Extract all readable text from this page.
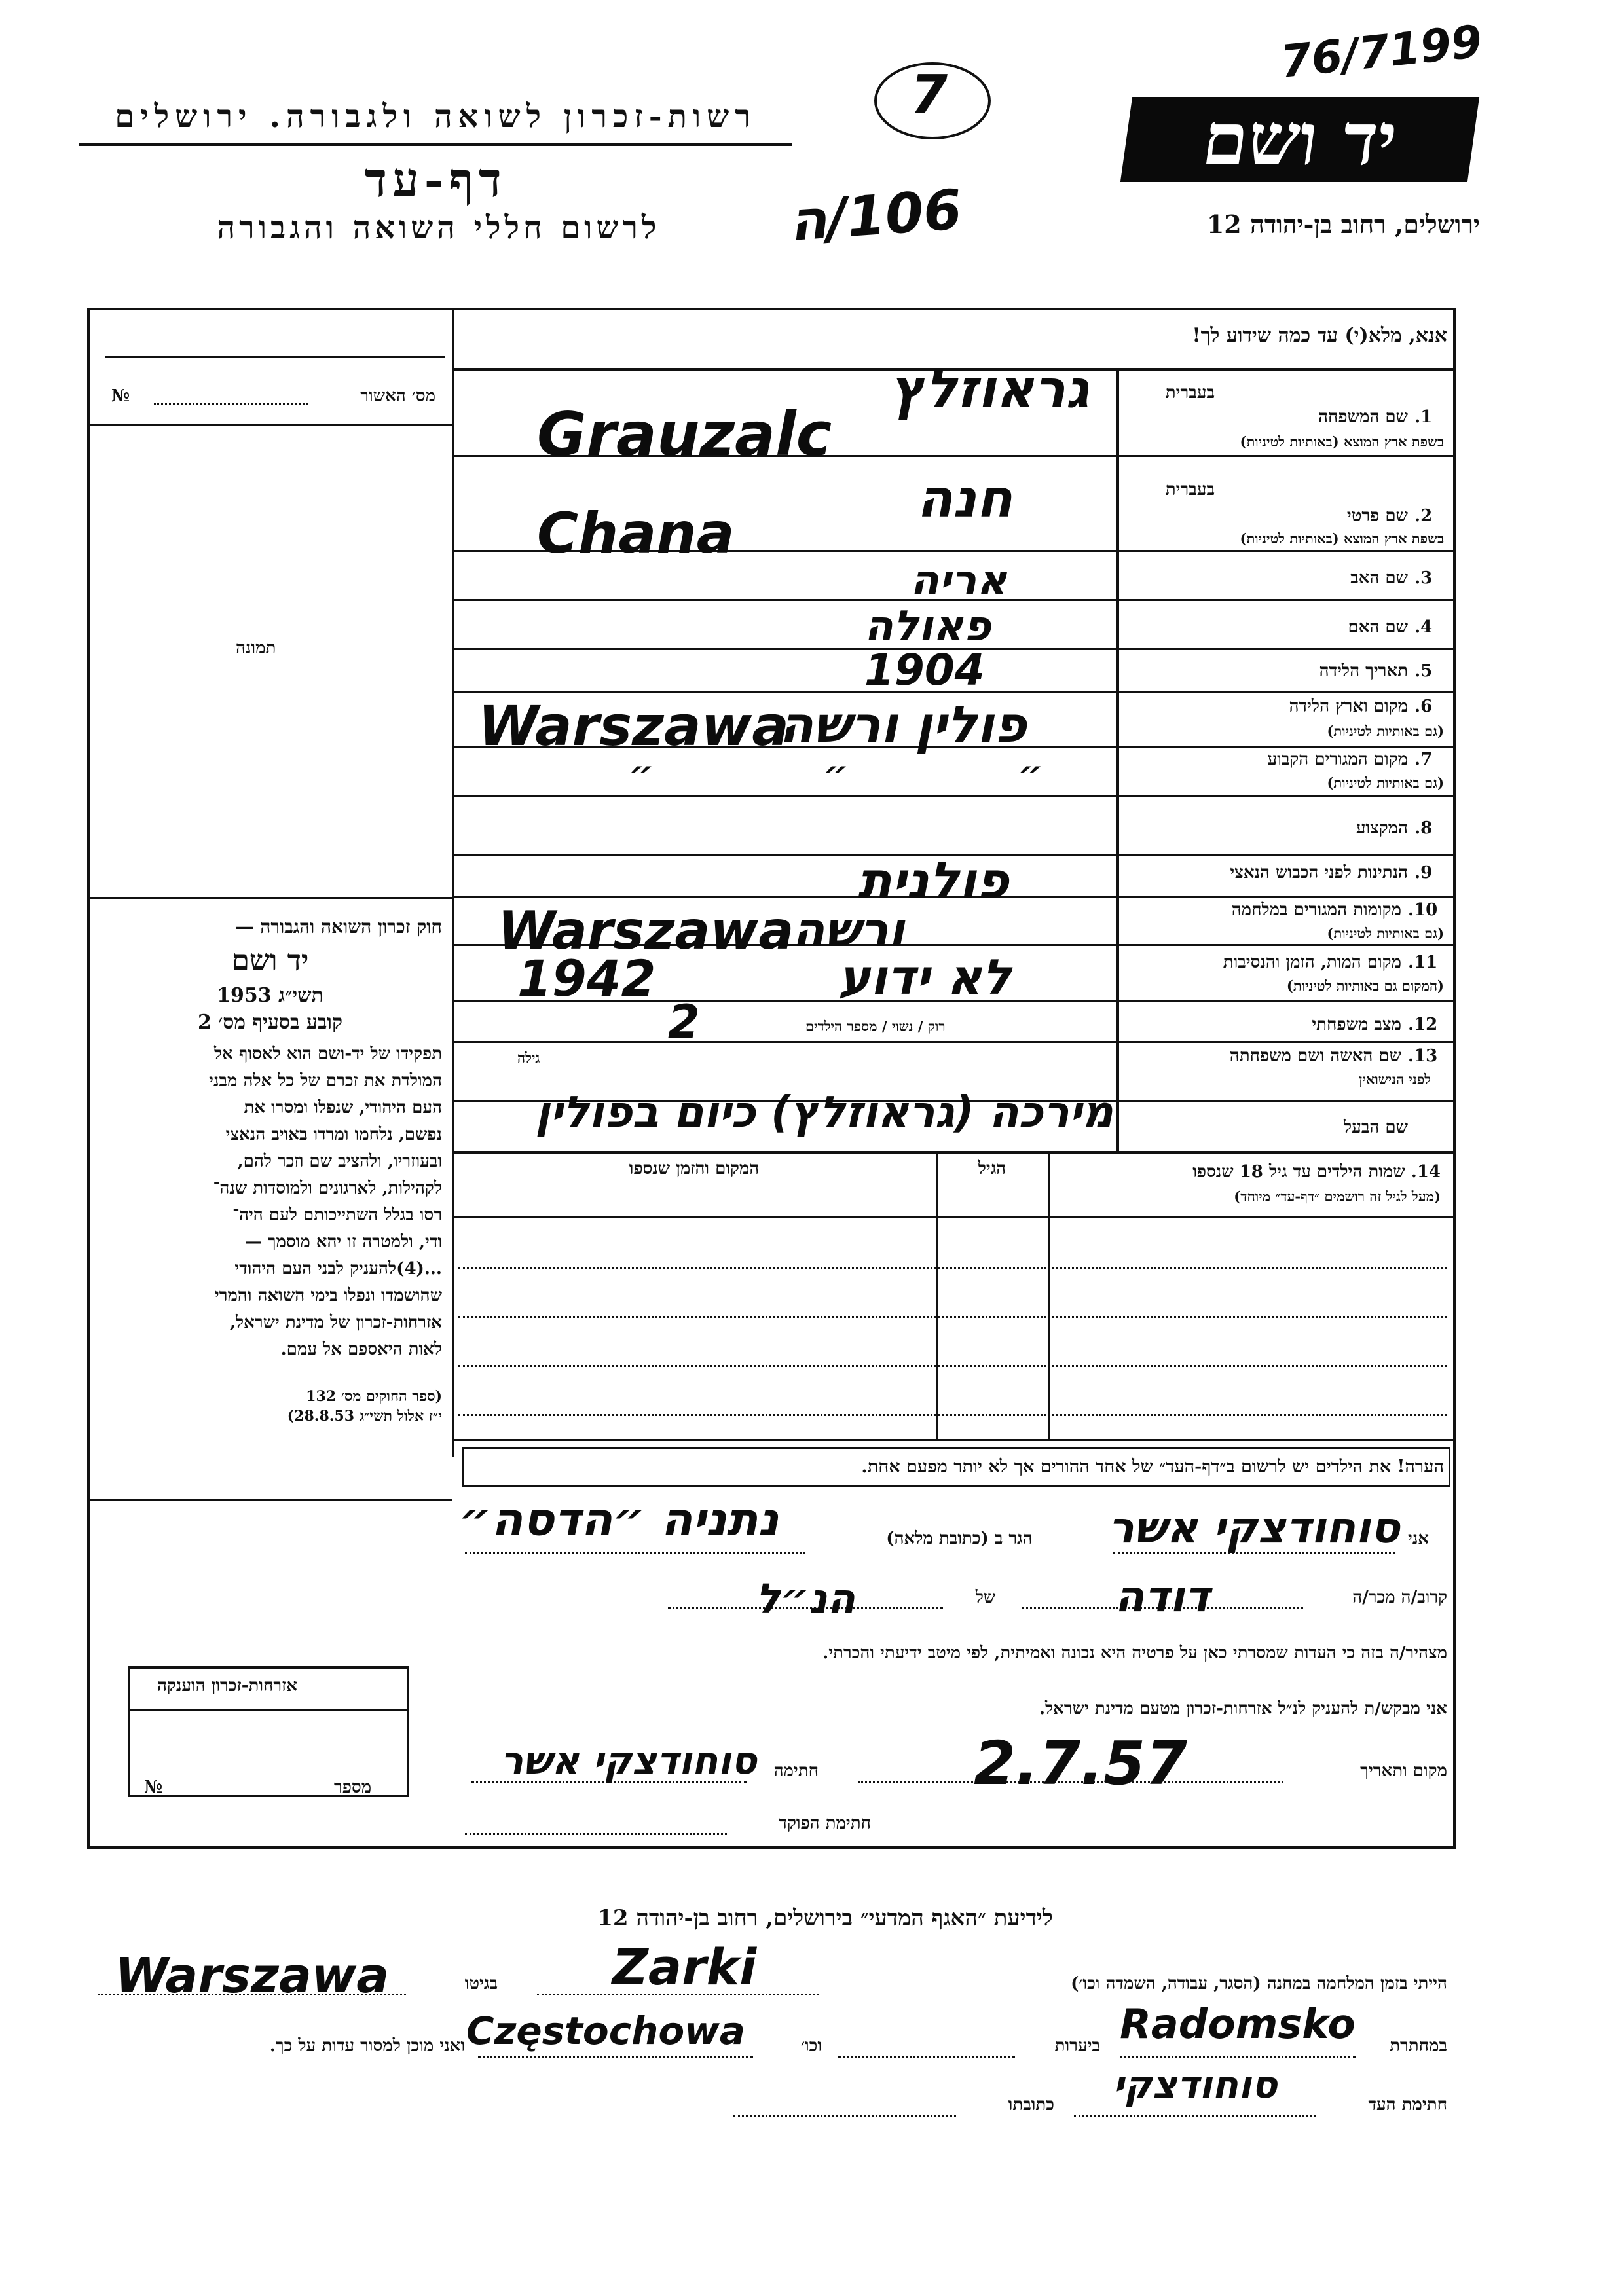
76/7199
7
106/ה
רשות-זכרון לשואה ולגבורה. ירושלים
דף-עד
לרשום חללי השואה והגבורה
יד ושם
ירושלים, רחוב בן-יהודה 12
אנא, מלא(י) עד כמה שידוע לך!
מס׳ האשור
№
תמונה

חוק זכרון השואה והגבורה —

יד ושם

תשי״ג 1953

קובע בסעיף מס׳ 2

תפקידו של יד-ושם הוא לאסוף אל

המולדת את זכרם של כל אלה מבני

העם היהודי, שנפלו ומסרו את

נפשם, נלחמו ומרדו באויב הנאצי

ובעוזריו, ולהציב שם וזכר להם,

לקהילות, לארגונים ולמוסדות שנה־

רסו בגלל השתייכותם לעם היה־

ודי, ולמטרה זו יהא מוסמך —

...(4)להעניק לבני העם היהודי

שהושמדו ונפלו בימי השואה והמרי

אזרחות-זכרון של מדינת ישראל,

לאות היאספם אל עמם.

(ספר החוקים מס׳ 132

י״ז אלול תשי״ג 28.8.53)

אזרחות-זכרון הוענקה
מספר
№
בעברית
1.
שם המשפחה
בשפת ארץ המוצא (באותיות לטיניות)
גראוזלץ
Grauzalc
בעברית
2.
שם פרטי
בשפת ארץ המוצא (באותיות לטיניות)
חנה
Chana
3.
שם האב
אריה
4.
שם האם
פאולה
5.
תאריך הלידה
1904
6.
מקום וארץ הלידה
(גם באותיות לטיניות)
Warszawa
פולין ורשה
7.
מקום המגורים הקבוע
(גם באותיות לטיניות)
״ ״ ״
8.
המקצוע
9.
הנתינות לפני הכבוש הנאצי
פולנית
10.
מקומות המגורים במלחמה
(גם באותיות לטיניות)
Warszawa
ורשה
11.
מקום המות, הזמן והנסיבות
(המקום גם באותיות לטיניות)
לא ידוע
1942
12.
מצב משפחתי
רוק / נשוי / מספר הילדים
2
13.
שם האשה ושם משפחתה
לפני הנישואין
גילה
מירכה (גראוזלץ) כיום בפולין	שם הבעל
14. שמות הילדים עד גיל 18 שנספו
(מעל לגיל זה רושמים ״דף-עד״ מיוחד)
הגיל
המקום והזמן שנספו
הערה! את הילדים יש לרשום ב״דף-העד״ של אחד ההורים אך לא יותר מפעם אחת.
אני
סוחודצקי אשר
הגר ב (כתובת מלאה)
נתניה ״הדסה״
קרוב/ה מכר/ה
דודה
של
הנ״ל
מצהיר/ה בזה כי העדות שמסרתי כאן על פרטיה היא נכונה ואמיתית, לפי מיטב ידיעתי והכרתי.
אני מבקש/ת להעניק לנ״ל אזרחות-זכרון מטעם מדינת ישראל.
מקום ותאריך
2.7.57
חתימה
סוחודצקי אשר
חתימת הפוקד
לידיעת ״האגף המדעי״ בירושלים, רחוב בן-יהודה 12
הייתי בזמן המלחמה במחנה (הסגר, עבודה, השמדה וכו׳)
Zarki
בגיטו
Warszawa
במחתרת
Radomsko
ביערות
וכו׳
Częstochowa
ואני מוכן למסור עדות על כך.
חתימת העד
סוחודצקי
כתובתו
